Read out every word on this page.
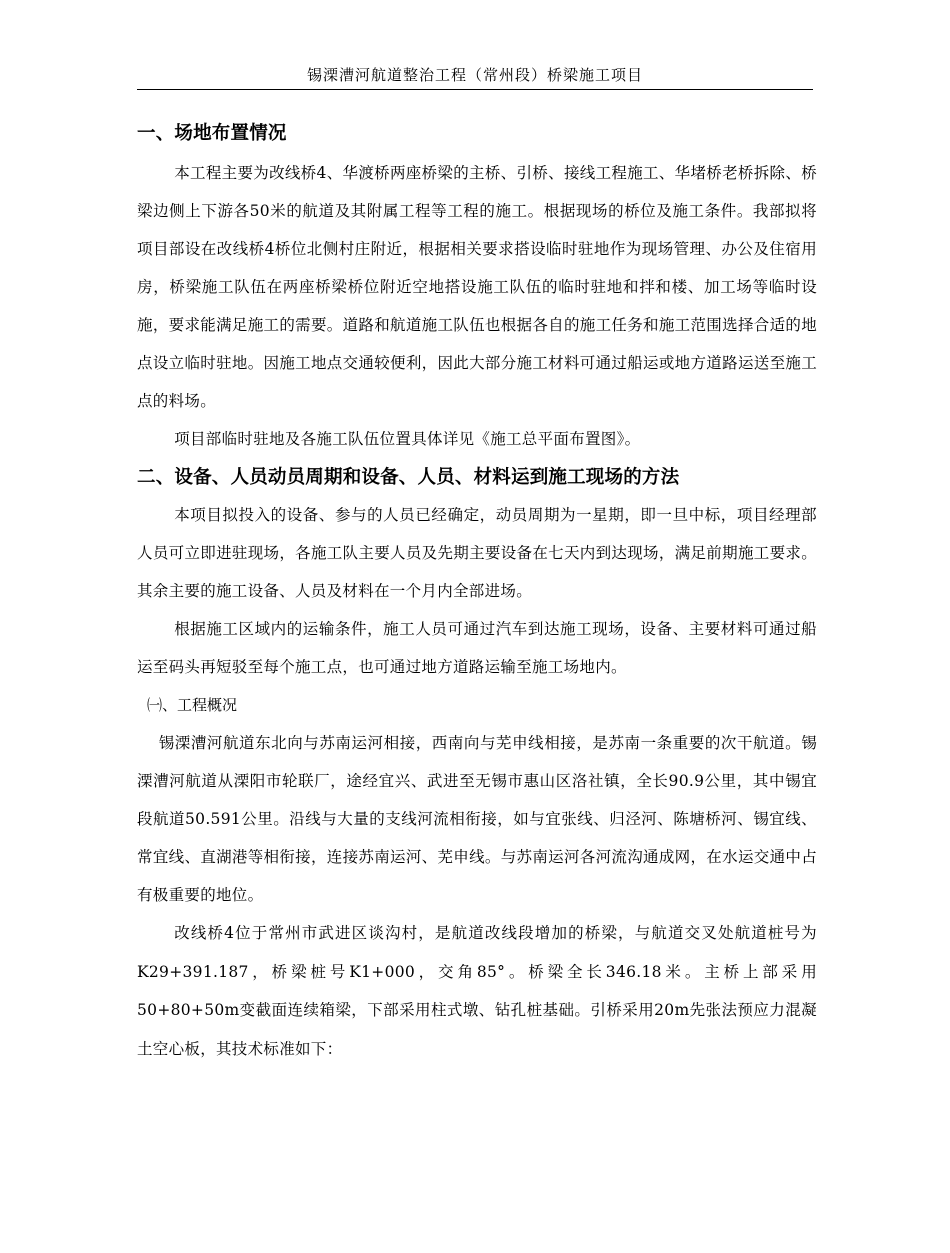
锡溧漕河航道整治工程（常州段）桥梁施工项目
一、场地布置情况

本工程主要为改线桥4、华渡桥两座桥梁的主桥、引桥、接线工程施工、华堵桥老桥拆除、桥梁边侧上下游各50米的航道及其附属工程等工程的施工。根据现场的桥位及施工条件。我部拟将项目部设在改线桥4桥位北侧村庄附近，根据相关要求搭设临时驻地作为现场管理、办公及住宿用房，桥梁施工队伍在两座桥梁桥位附近空地搭设施工队伍的临时驻地和拌和楼、加工场等临时设施，要求能满足施工的需要。道路和航道施工队伍也根据各自的施工任务和施工范围选择合适的地点设立临时驻地。因施工地点交通较便利，因此大部分施工材料可通过船运或地方道路运送至施工点的料场。

项目部临时驻地及各施工队伍位置具体详见《施工总平面布置图》。

二、设备、人员动员周期和设备、人员、材料运到施工现场的方法

本项目拟投入的设备、参与的人员已经确定，动员周期为一星期，即一旦中标，项目经理部人员可立即进驻现场，各施工队主要人员及先期主要设备在七天内到达现场，满足前期施工要求。其余主要的施工设备、人员及材料在一个月内全部进场。

根据施工区域内的运输条件，施工人员可通过汽车到达施工现场，设备、主要材料可通过船运至码头再短驳至每个施工点，也可通过地方道路运输至施工场地内。

㈠、工程概况

锡溧漕河航道东北向与苏南运河相接，西南向与芜申线相接，是苏南一条重要的次干航道。锡溧漕河航道从溧阳市轮联厂，途经宜兴、武进至无锡市惠山区洛社镇，全长90.9公里，其中锡宜段航道50.591公里。沿线与大量的支线河流相衔接，如与宜张线、归泾河、陈塘桥河、锡宜线、常宜线、直湖港等相衔接，连接苏南运河、芜申线。与苏南运河各河流沟通成网，在水运交通中占有极重要的地位。

改线桥4位于常州市武进区谈沟村，是航道改线段增加的桥梁，与航道交叉处航道桩号为K29+391.187，桥梁桩号K1+000，交角85°。桥梁全长346.18米。主桥上部采用50+80+50m变截面连续箱梁，下部采用柱式墩、钻孔桩基础。引桥采用20m先张法预应力混凝土空心板，其技术标准如下：
